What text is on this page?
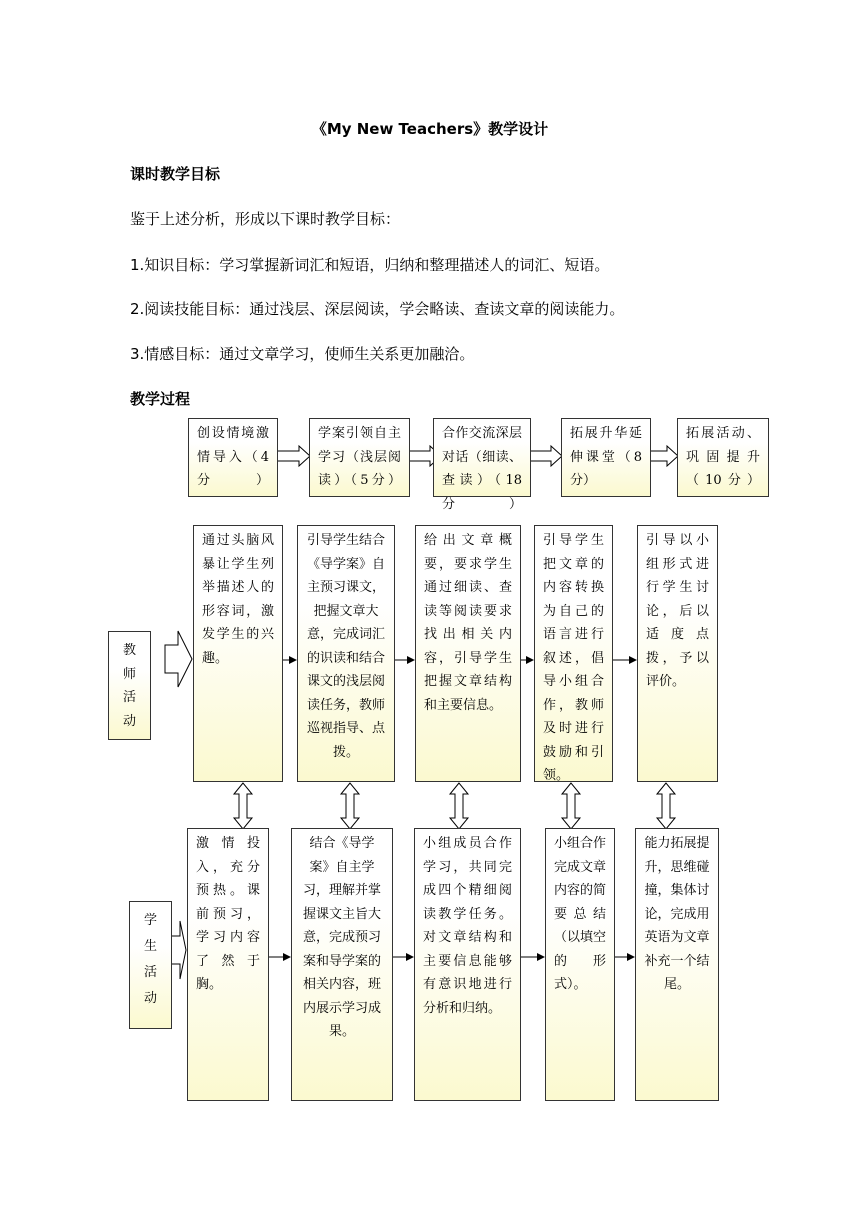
《My New Teachers》教学设计
课时教学目标
鉴于上述分析，形成以下课时教学目标：
1.知识目标：学习掌握新词汇和短语，归纳和整理描述人的词汇、短语。
2.阅读技能目标：通过浅层、深层阅读，学会略读、查读文章的阅读能力。
3.情感目标：通过文章学习，使师生关系更加融洽。
教学过程
创设情境激情导入（4分）
学案引领自主学习（浅层阅读）（5分）
合作交流深层对话（细读、查读）（18分）
拓展升华延伸课堂（8分）
拓展活动、巩固提升（10分）
教师活动
通过头脑风暴让学生列举描述人的形容词，激发学生的兴趣。
引导学生结合《导学案》自主预习课文，把握文章大意，完成词汇的识读和结合课文的浅层阅读任务，教师巡视指导、点拨。
给出文章概要，要求学生通过细读、查读等阅读要求找出相关内容，引导学生把握文章结构和主要信息。
引导学生把文章的内容转换为自己的语言进行叙述，倡导小组合作，教师及时进行鼓励和引领。
引导以小组形式进行学生讨论，后以适度点拨，予以评价。
学生活动
激情投入，充分预热。课前预习，学习内容了然于胸。
结合《导学案》自主学习，理解并掌握课文主旨大意，完成预习案和导学案的相关内容，班内展示学习成果。
小组成员合作学习，共同完成四个精细阅读教学任务。对文章结构和主要信息能够有意识地进行分析和归纳。
小组合作完成文章内容的简要总结（以填空的形式）。
能力拓展提升，思维碰撞，集体讨论，完成用英语为文章补充一个结尾。
